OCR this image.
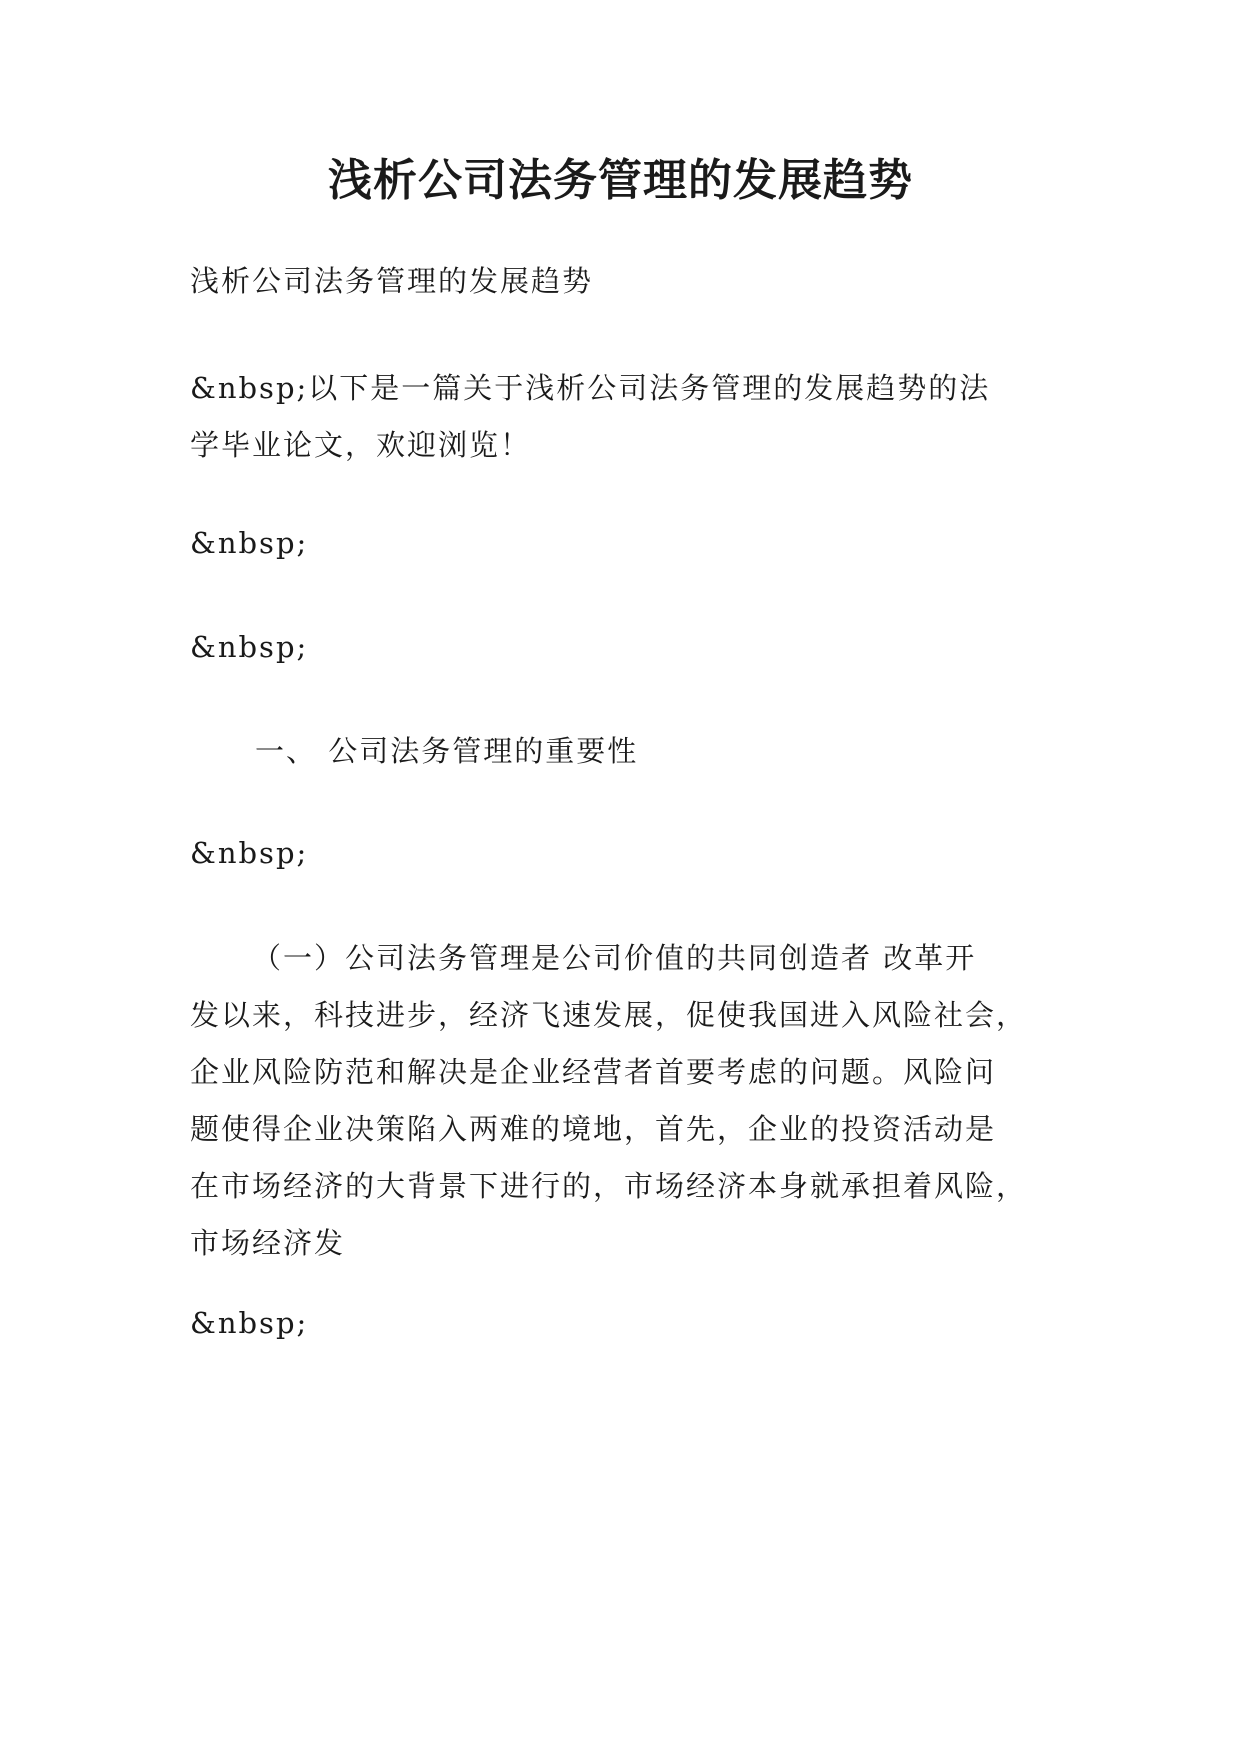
浅析公司法务管理的发展趋势
浅析公司法务管理的发展趋势
&nbsp;以下是一篇关于浅析公司法务管理的发展趋势的法
学毕业论文，欢迎浏览！
&nbsp;
&nbsp;
一、 公司法务管理的重要性
&nbsp;
（一）公司法务管理是公司价值的共同创造者 改革开
发以来，科技进步，经济飞速发展，促使我国进入风险社会，
企业风险防范和解决是企业经营者首要考虑的问题。风险问
题使得企业决策陷入两难的境地，首先，企业的投资活动是
在市场经济的大背景下进行的，市场经济本身就承担着风险，
市场经济发
&nbsp;
